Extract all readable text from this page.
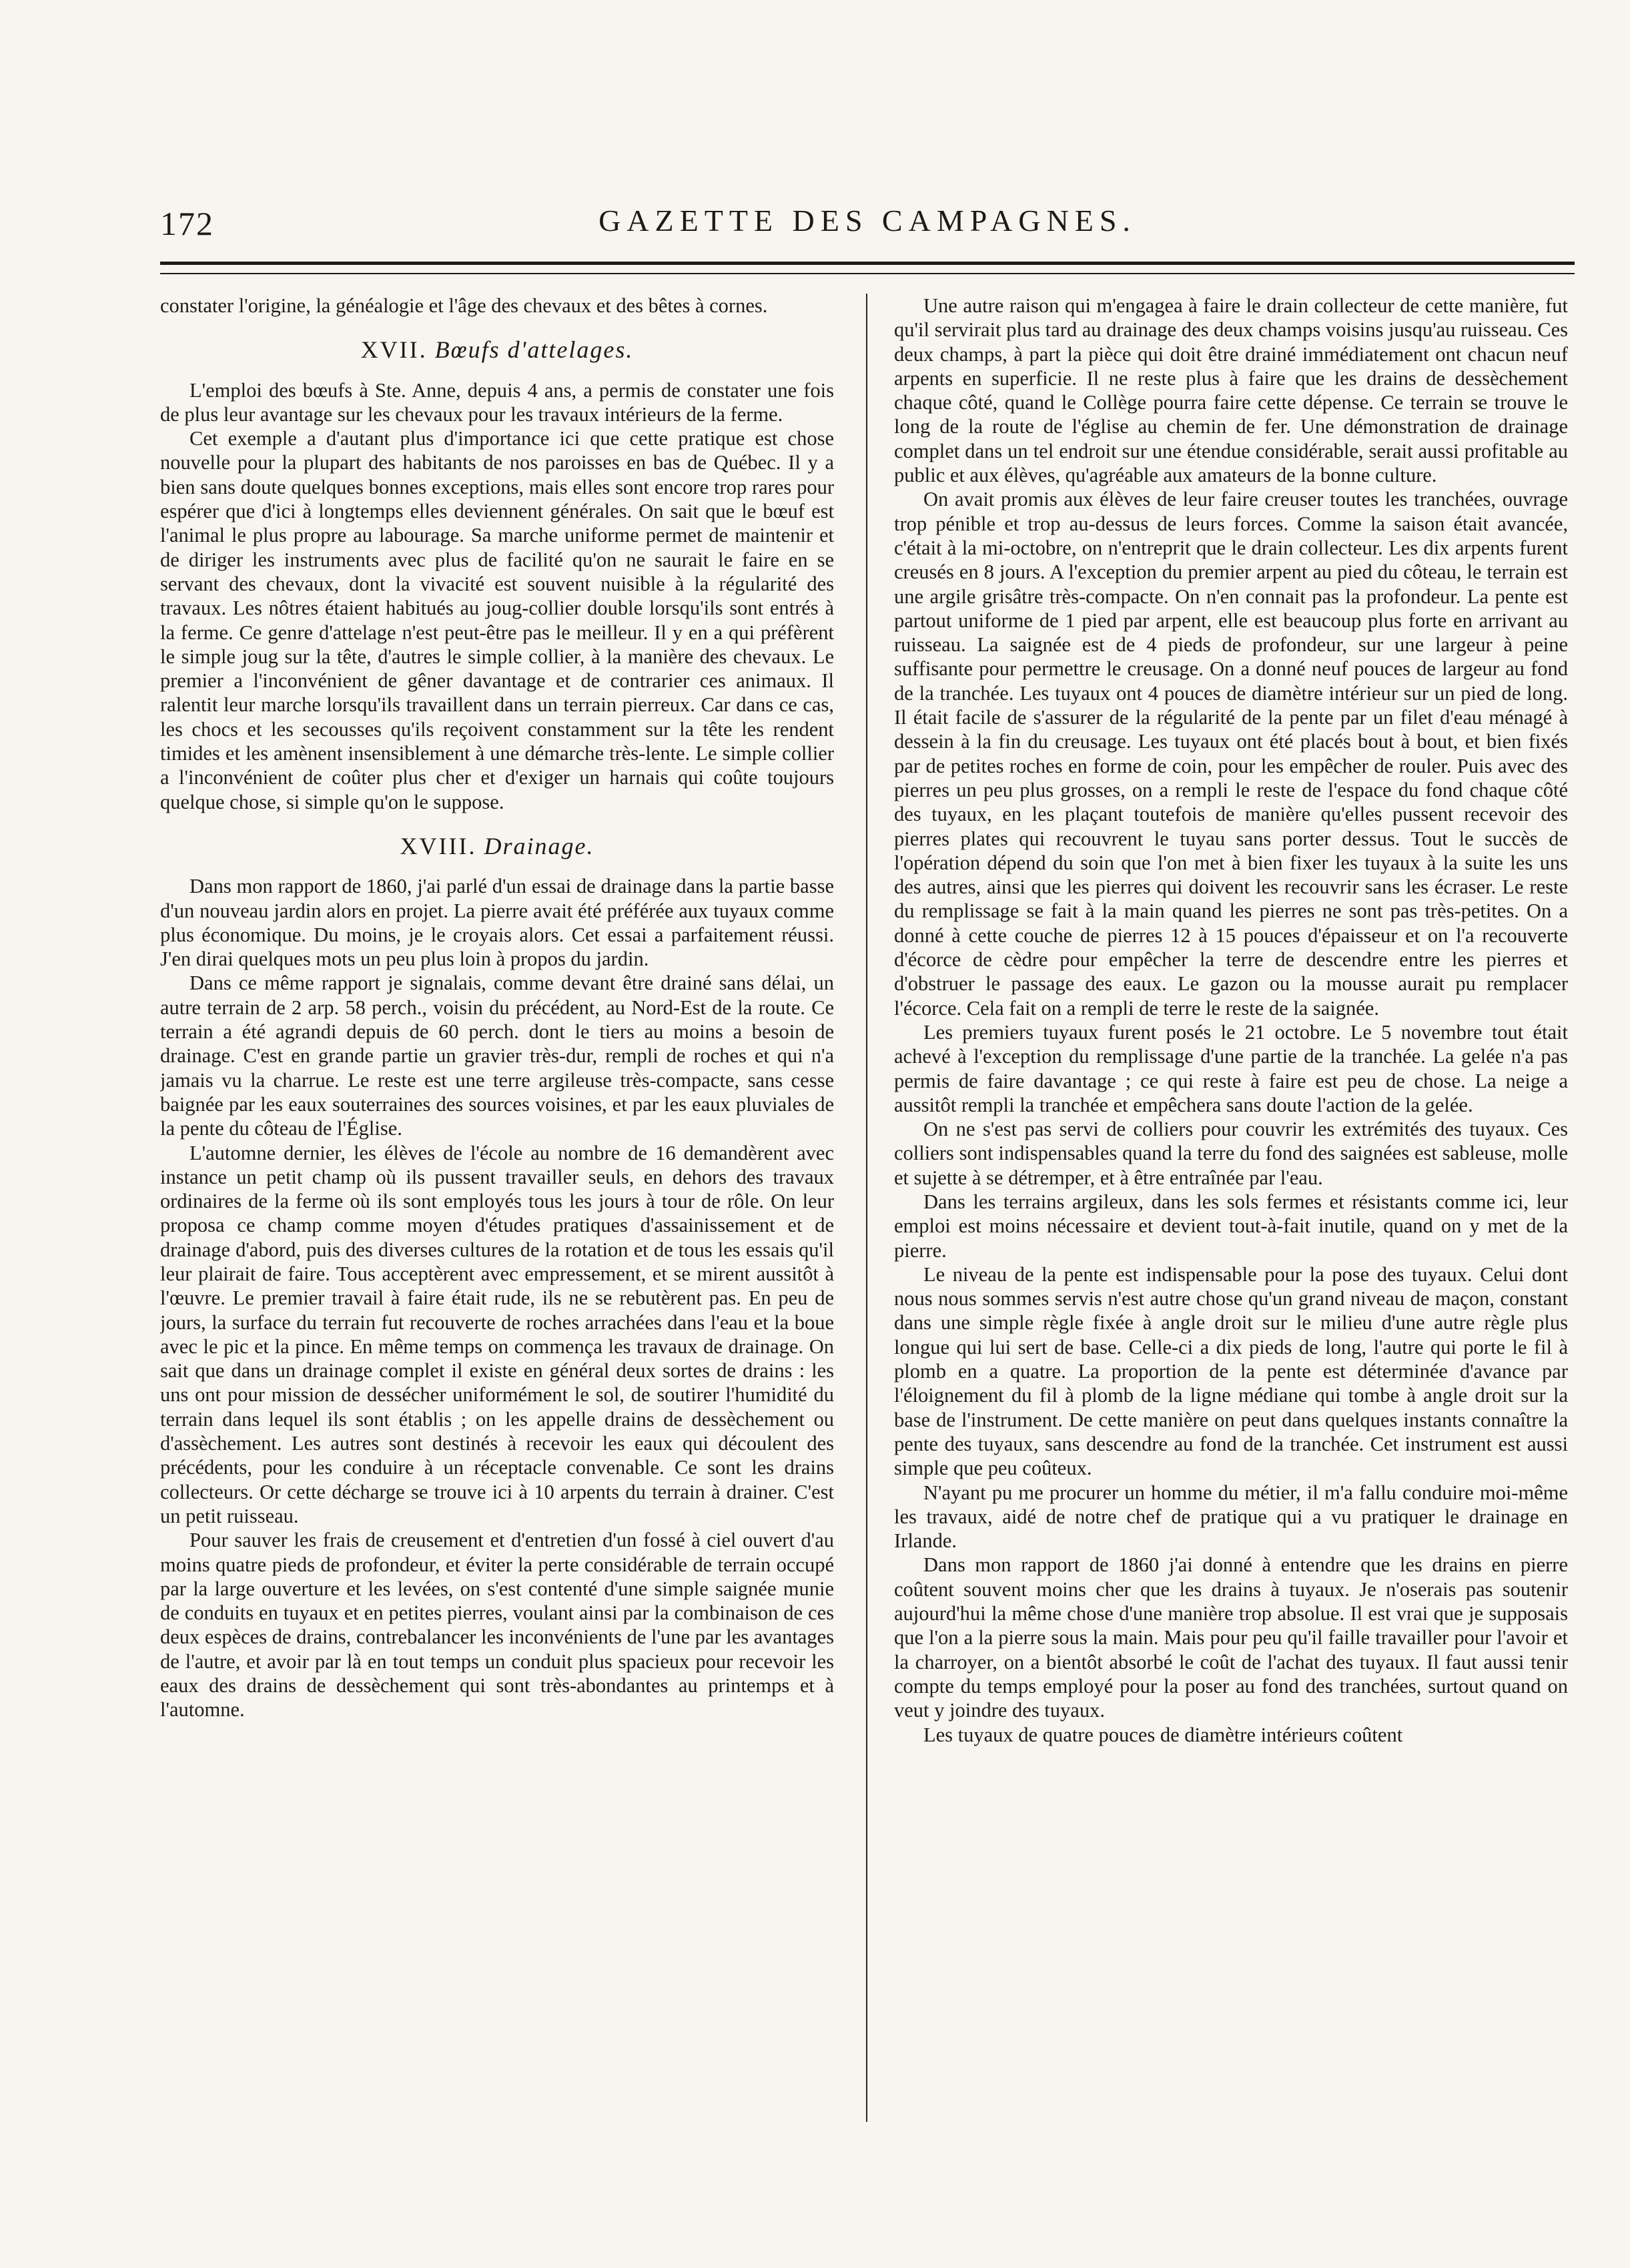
172	GAZETTE DES CAMPAGNES.

constater l'origine, la généalogie et l'âge des chevaux et des bêtes à cornes.

XVII. Bœufs d'attelages.

L'emploi des bœufs à Ste. Anne, depuis 4 ans, a permis de constater une fois de plus leur avantage sur les chevaux pour les travaux intérieurs de la ferme.

Cet exemple a d'autant plus d'importance ici que cette pratique est chose nouvelle pour la plupart des habitants de nos paroisses en bas de Québec. Il y a bien sans doute quelques bonnes exceptions, mais elles sont encore trop rares pour espérer que d'ici à longtemps elles deviennent générales. On sait que le bœuf est l'animal le plus propre au labourage. Sa marche uniforme permet de maintenir et de diriger les instruments avec plus de facilité qu'on ne saurait le faire en se servant des chevaux, dont la vivacité est souvent nuisible à la régularité des travaux. Les nôtres étaient habitués au joug-collier double lorsqu'ils sont entrés à la ferme. Ce genre d'attelage n'est peut-être pas le meilleur. Il y en a qui préfèrent le simple joug sur la tête, d'autres le simple collier, à la manière des chevaux. Le premier a l'inconvénient de gêner davantage et de contrarier ces animaux. Il ralentit leur marche lorsqu'ils travaillent dans un terrain pierreux. Car dans ce cas, les chocs et les secousses qu'ils reçoivent constamment sur la tête les rendent timides et les amènent insensiblement à une démarche très-lente. Le simple collier a l'inconvénient de coûter plus cher et d'exiger un harnais qui coûte toujours quelque chose, si simple qu'on le suppose.

XVIII. Drainage.

Dans mon rapport de 1860, j'ai parlé d'un essai de drainage dans la partie basse d'un nouveau jardin alors en projet. La pierre avait été préférée aux tuyaux comme plus économique. Du moins, je le croyais alors. Cet essai a parfaitement réussi. J'en dirai quelques mots un peu plus loin à propos du jardin.

Dans ce même rapport je signalais, comme devant être drainé sans délai, un autre terrain de 2 arp. 58 perch., voisin du précédent, au Nord-Est de la route. Ce terrain a été agrandi depuis de 60 perch. dont le tiers au moins a besoin de drainage. C'est en grande partie un gravier très-dur, rempli de roches et qui n'a jamais vu la charrue. Le reste est une terre argileuse très-compacte, sans cesse baignée par les eaux souterraines des sources voisines, et par les eaux pluviales de la pente du côteau de l'Église.

L'automne dernier, les élèves de l'école au nombre de 16 demandèrent avec instance un petit champ où ils pussent travailler seuls, en dehors des travaux ordinaires de la ferme où ils sont employés tous les jours à tour de rôle. On leur proposa ce champ comme moyen d'études pratiques d'assainissement et de drainage d'abord, puis des diverses cultures de la rotation et de tous les essais qu'il leur plairait de faire. Tous acceptèrent avec empressement, et se mirent aussitôt à l'œuvre. Le premier travail à faire était rude, ils ne se rebutèrent pas. En peu de jours, la surface du terrain fut recouverte de roches arrachées dans l'eau et la boue avec le pic et la pince. En même temps on commença les travaux de drainage. On sait que dans un drainage complet il existe en général deux sortes de drains : les uns ont pour mission de dessécher uniformément le sol, de soutirer l'humidité du terrain dans lequel ils sont établis ; on les appelle drains de dessèchement ou d'assèchement. Les autres sont destinés à recevoir les eaux qui découlent des précédents, pour les conduire à un réceptacle convenable. Ce sont les drains collecteurs. Or cette décharge se trouve ici à 10 arpents du terrain à drainer. C'est un petit ruisseau.

Pour sauver les frais de creusement et d'entretien d'un fossé à ciel ouvert d'au moins quatre pieds de profondeur, et éviter la perte considérable de terrain occupé par la large ouverture et les levées, on s'est contenté d'une simple saignée munie de conduits en tuyaux et en petites pierres, voulant ainsi par la combinaison de ces deux espèces de drains, contrebalancer les inconvénients de l'une par les avantages de l'autre, et avoir par là en tout temps un conduit plus spacieux pour recevoir les eaux des drains de dessèchement qui sont très-abondantes au printemps et à l'automne.

Une autre raison qui m'engagea à faire le drain collecteur de cette manière, fut qu'il servirait plus tard au drainage des deux champs voisins jusqu'au ruisseau. Ces deux champs, à part la pièce qui doit être drainé immédiatement ont chacun neuf arpents en superficie. Il ne reste plus à faire que les drains de dessèchement chaque côté, quand le Collège pourra faire cette dépense. Ce terrain se trouve le long de la route de l'église au chemin de fer. Une démonstration de drainage complet dans un tel endroit sur une étendue considérable, serait aussi profitable au public et aux élèves, qu'agréable aux amateurs de la bonne culture.

On avait promis aux élèves de leur faire creuser toutes les tranchées, ouvrage trop pénible et trop au-dessus de leurs forces. Comme la saison était avancée, c'était à la mi-octobre, on n'entreprit que le drain collecteur. Les dix arpents furent creusés en 8 jours. A l'exception du premier arpent au pied du côteau, le terrain est une argile grisâtre très-compacte. On n'en connait pas la profondeur. La pente est partout uniforme de 1 pied par arpent, elle est beaucoup plus forte en arrivant au ruisseau. La saignée est de 4 pieds de profondeur, sur une largeur à peine suffisante pour permettre le creusage. On a donné neuf pouces de largeur au fond de la tranchée. Les tuyaux ont 4 pouces de diamètre intérieur sur un pied de long. Il était facile de s'assurer de la régularité de la pente par un filet d'eau ménagé à dessein à la fin du creusage. Les tuyaux ont été placés bout à bout, et bien fixés par de petites roches en forme de coin, pour les empêcher de rouler. Puis avec des pierres un peu plus grosses, on a rempli le reste de l'espace du fond chaque côté des tuyaux, en les plaçant toutefois de manière qu'elles pussent recevoir des pierres plates qui recouvrent le tuyau sans porter dessus. Tout le succès de l'opération dépend du soin que l'on met à bien fixer les tuyaux à la suite les uns des autres, ainsi que les pierres qui doivent les recouvrir sans les écraser. Le reste du remplissage se fait à la main quand les pierres ne sont pas très-petites. On a donné à cette couche de pierres 12 à 15 pouces d'épaisseur et on l'a recouverte d'écorce de cèdre pour empêcher la terre de descendre entre les pierres et d'obstruer le passage des eaux. Le gazon ou la mousse aurait pu remplacer l'écorce. Cela fait on a rempli de terre le reste de la saignée.

Les premiers tuyaux furent posés le 21 octobre. Le 5 novembre tout était achevé à l'exception du remplissage d'une partie de la tranchée. La gelée n'a pas permis de faire davantage ; ce qui reste à faire est peu de chose. La neige a aussitôt rempli la tranchée et empêchera sans doute l'action de la gelée.

On ne s'est pas servi de colliers pour couvrir les extrémités des tuyaux. Ces colliers sont indispensables quand la terre du fond des saignées est sableuse, molle et sujette à se détremper, et à être entraînée par l'eau.

Dans les terrains argileux, dans les sols fermes et résistants comme ici, leur emploi est moins nécessaire et devient tout-à-fait inutile, quand on y met de la pierre.

Le niveau de la pente est indispensable pour la pose des tuyaux. Celui dont nous nous sommes servis n'est autre chose qu'un grand niveau de maçon, constant dans une simple règle fixée à angle droit sur le milieu d'une autre règle plus longue qui lui sert de base. Celle-ci a dix pieds de long, l'autre qui porte le fil à plomb en a quatre. La proportion de la pente est déterminée d'avance par l'éloignement du fil à plomb de la ligne médiane qui tombe à angle droit sur la base de l'instrument. De cette manière on peut dans quelques instants connaître la pente des tuyaux, sans descendre au fond de la tranchée. Cet instrument est aussi simple que peu coûteux.

N'ayant pu me procurer un homme du métier, il m'a fallu conduire moi-même les travaux, aidé de notre chef de pratique qui a vu pratiquer le drainage en Irlande.

Dans mon rapport de 1860 j'ai donné à entendre que les drains en pierre coûtent souvent moins cher que les drains à tuyaux. Je n'oserais pas soutenir aujourd'hui la même chose d'une manière trop absolue. Il est vrai que je supposais que l'on a la pierre sous la main. Mais pour peu qu'il faille travailler pour l'avoir et la charroyer, on a bientôt absorbé le coût de l'achat des tuyaux. Il faut aussi tenir compte du temps employé pour la poser au fond des tranchées, surtout quand on veut y joindre des tuyaux.

Les tuyaux de quatre pouces de diamètre intérieurs coûtent
